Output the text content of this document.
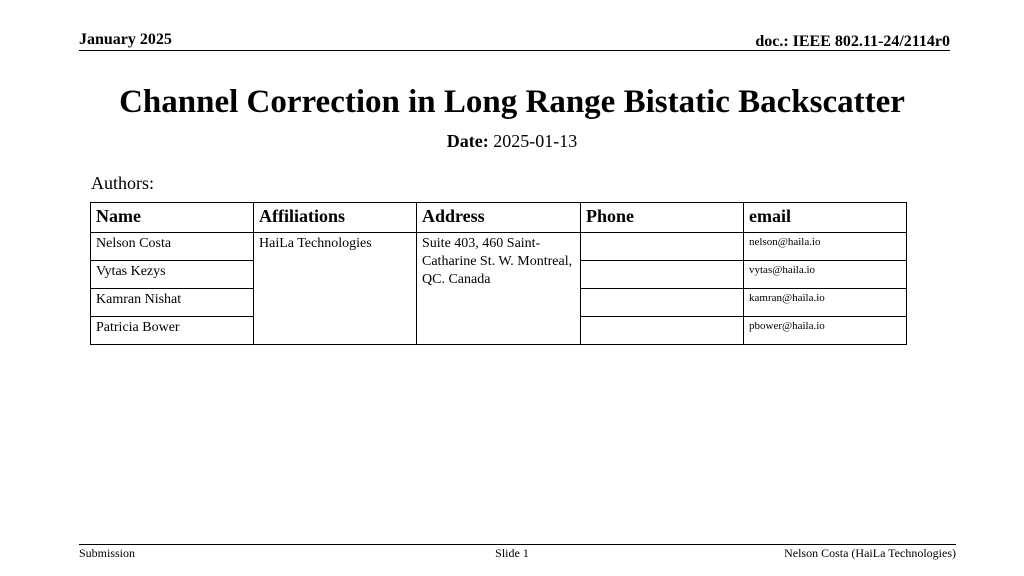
January 2025	doc.: IEEE 802.11-24/2114r0
Channel Correction in Long Range Bistatic Backscatter
Date: 2025-01-13
Authors:
Name	Affiliations	Address	Phone	email
Nelson Costa	HaiLa Technologies	Suite 403, 460 Saint-Catharine St. W. Montreal, QC. Canada		nelson@haila.io
Vytas Kezys				vytas@haila.io
Kamran Nishat				kamran@haila.io
Patricia Bower				pbower@haila.io
Submission	Slide 1	Nelson Costa (HaiLa Technologies)
